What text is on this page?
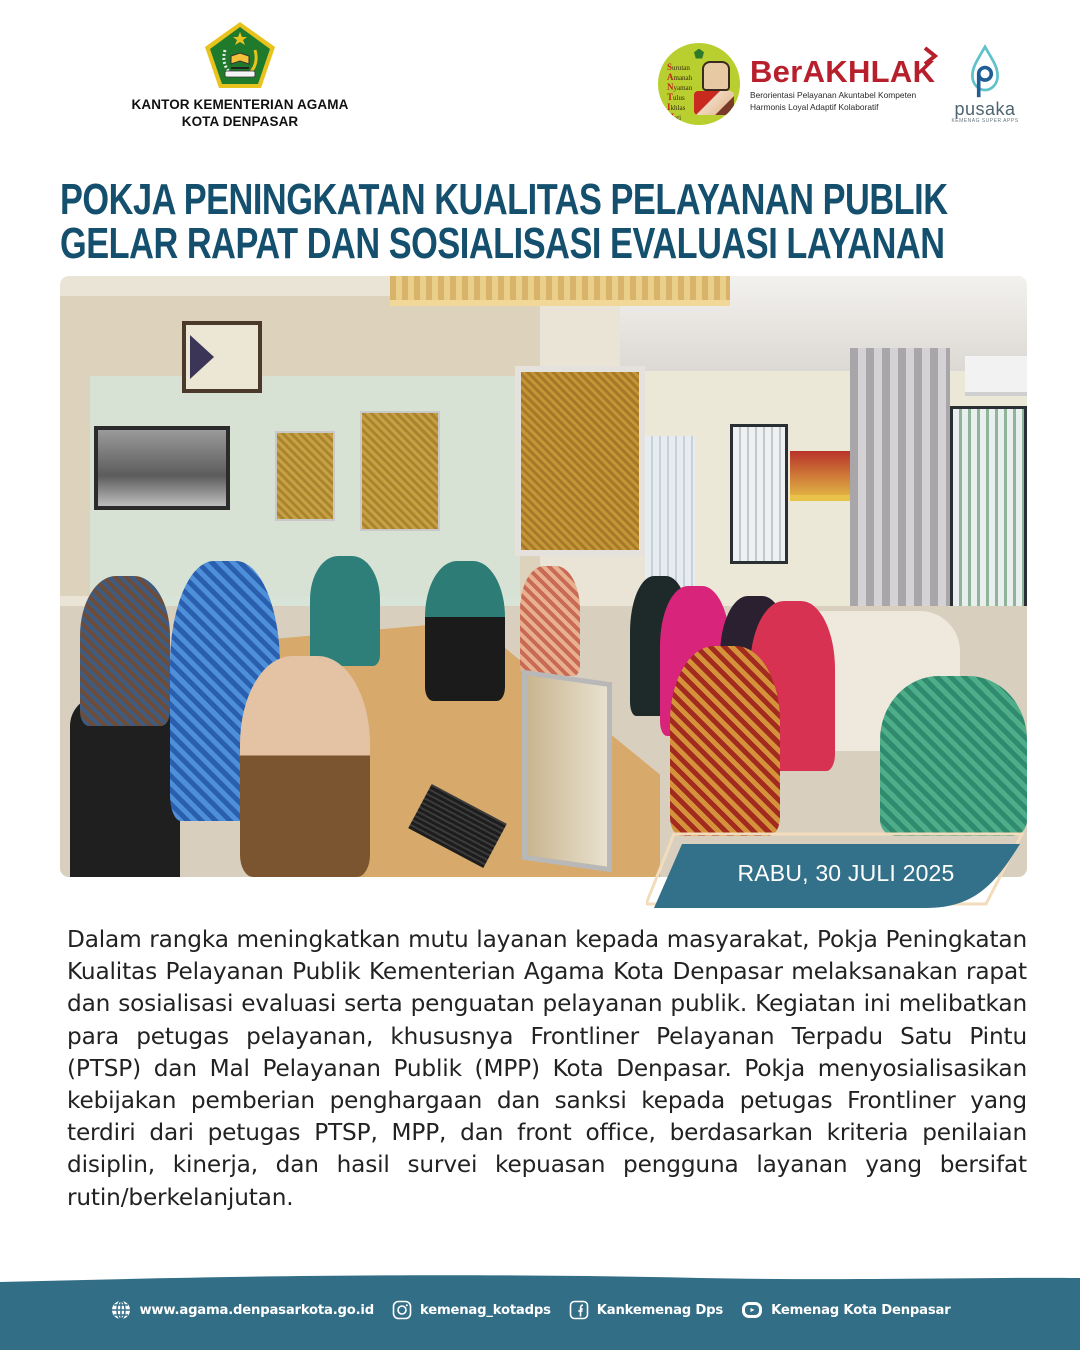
KANTOR KEMENTERIAN AGAMA
KOTA DENPASAR
Surutan
Amanah
Nyaman
Tulus
Ikhlas
Hati
BerAKHLAK
Berorientasi Pelayanan Akuntabel Kompeten
Harmonis Loyal Adaptif Kolaboratif	pusaka
KEMENAG SUPER APPS
POKJA PENINGKATAN KUALITAS PELAYANAN PUBLIK
GELAR RAPAT DAN SOSIALISASI EVALUASI LAYANAN
RABU, 30 JULI 2025
Dalam rangka meningkatkan mutu layanan kepada masyarakat, Pokja Peningkatan Kualitas Pelayanan Publik Kementerian Agama Kota Denpasar melaksanakan rapat dan sosialisasi evaluasi serta penguatan pelayanan publik. Kegiatan ini melibatkan para petugas pelayanan, khususnya Frontliner Pelayanan Terpadu Satu Pintu (PTSP) dan Mal Pelayanan Publik (MPP) Kota Denpasar. Pokja menyosialisasikan kebijakan pemberian penghargaan dan sanksi kepada petugas Frontliner yang terdiri dari petugas PTSP, MPP, dan front office, berdasarkan kriteria penilaian disiplin, kinerja, dan hasil survei kepuasan pengguna layanan yang bersifat rutin/berkelanjutan.
www.agama.denpasarkota.go.id	kemenag_kotadps	Kankemenag Dps	Kemenag Kota Denpasar
